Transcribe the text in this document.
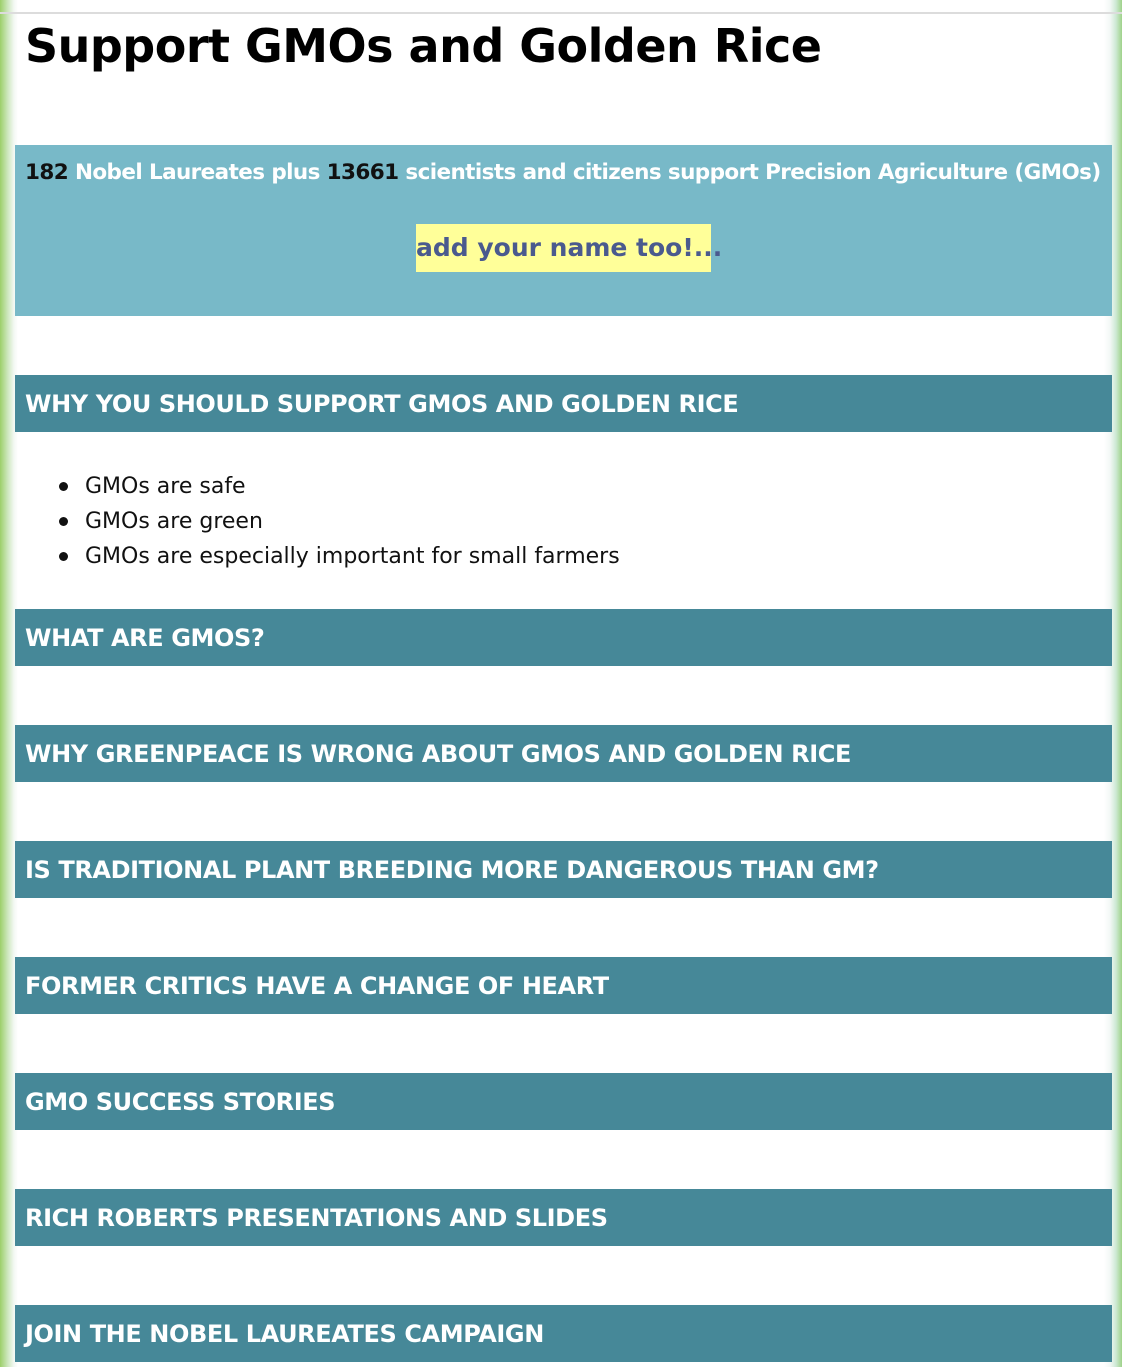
Support GMOs and Golden Rice
182 Nobel Laureates plus 13661 scientists and citizens support Precision Agriculture (GMOs)
add your name too!...
WHY YOU SHOULD SUPPORT GMOS AND GOLDEN RICE
GMOs are safe
GMOs are green
GMOs are especially important for small farmers
WHAT ARE GMOS?
WHY GREENPEACE IS WRONG ABOUT GMOS AND GOLDEN RICE
IS TRADITIONAL PLANT BREEDING MORE DANGEROUS THAN GM?
FORMER CRITICS HAVE A CHANGE OF HEART
GMO SUCCESS STORIES
RICH ROBERTS PRESENTATIONS AND SLIDES
JOIN THE NOBEL LAUREATES CAMPAIGN
